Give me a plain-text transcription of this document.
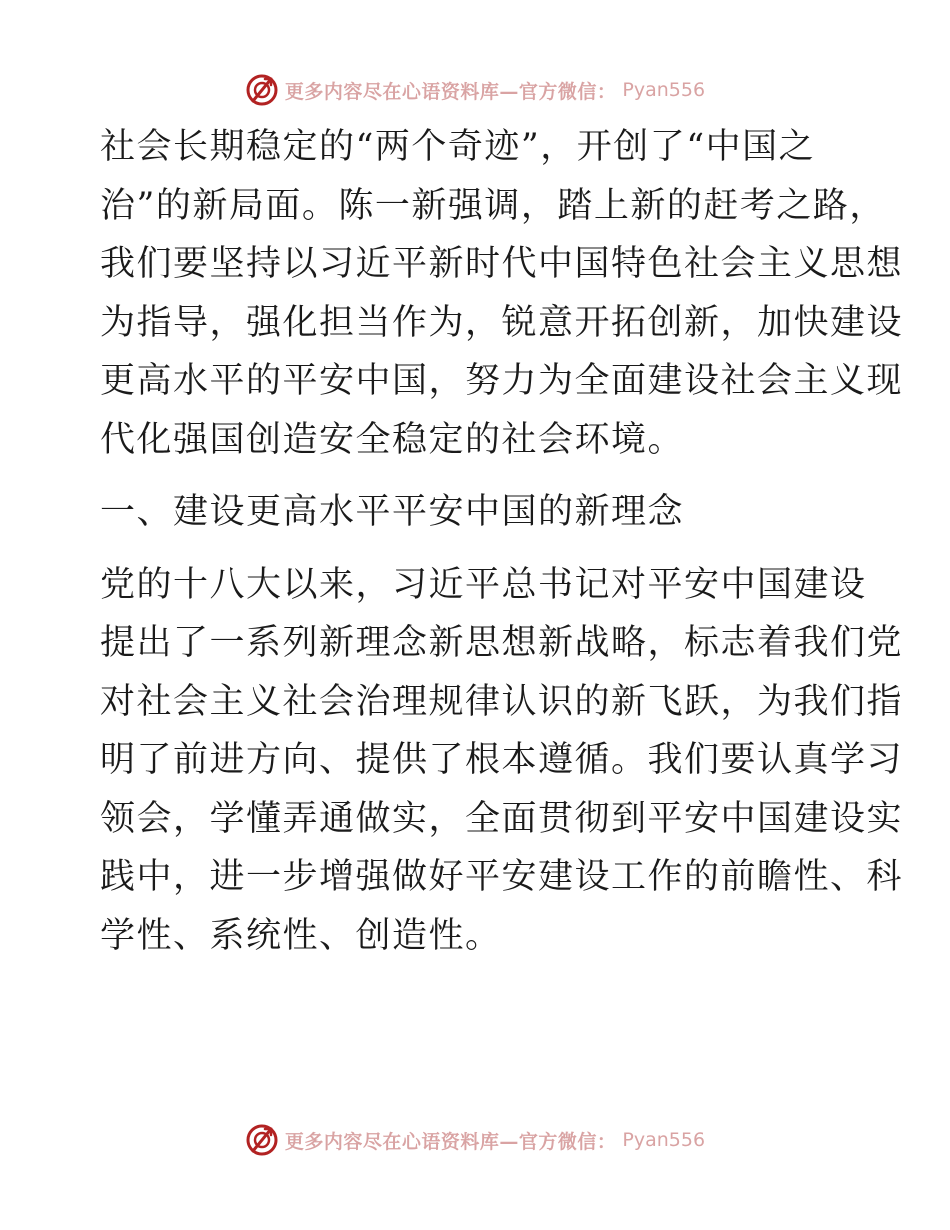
更多内容尽在心语资料库—官方微信： Pyan556
社会长期稳定的“两个奇迹”，开创了“中国之
治”的新局面。陈一新强调，踏上新的赶考之路，
我们要坚持以习近平新时代中国特色社会主义思想
为指导，强化担当作为，锐意开拓创新，加快建设
更高水平的平安中国，努力为全面建设社会主义现
代化强国创造安全稳定的社会环境。
一、建设更高水平平安中国的新理念
党的十八大以来，习近平总书记对平安中国建设
提出了一系列新理念新思想新战略，标志着我们党
对社会主义社会治理规律认识的新飞跃，为我们指
明了前进方向、提供了根本遵循。我们要认真学习
领会，学懂弄通做实，全面贯彻到平安中国建设实
践中，进一步增强做好平安建设工作的前瞻性、科
学性、系统性、创造性。
更多内容尽在心语资料库—官方微信： Pyan556
